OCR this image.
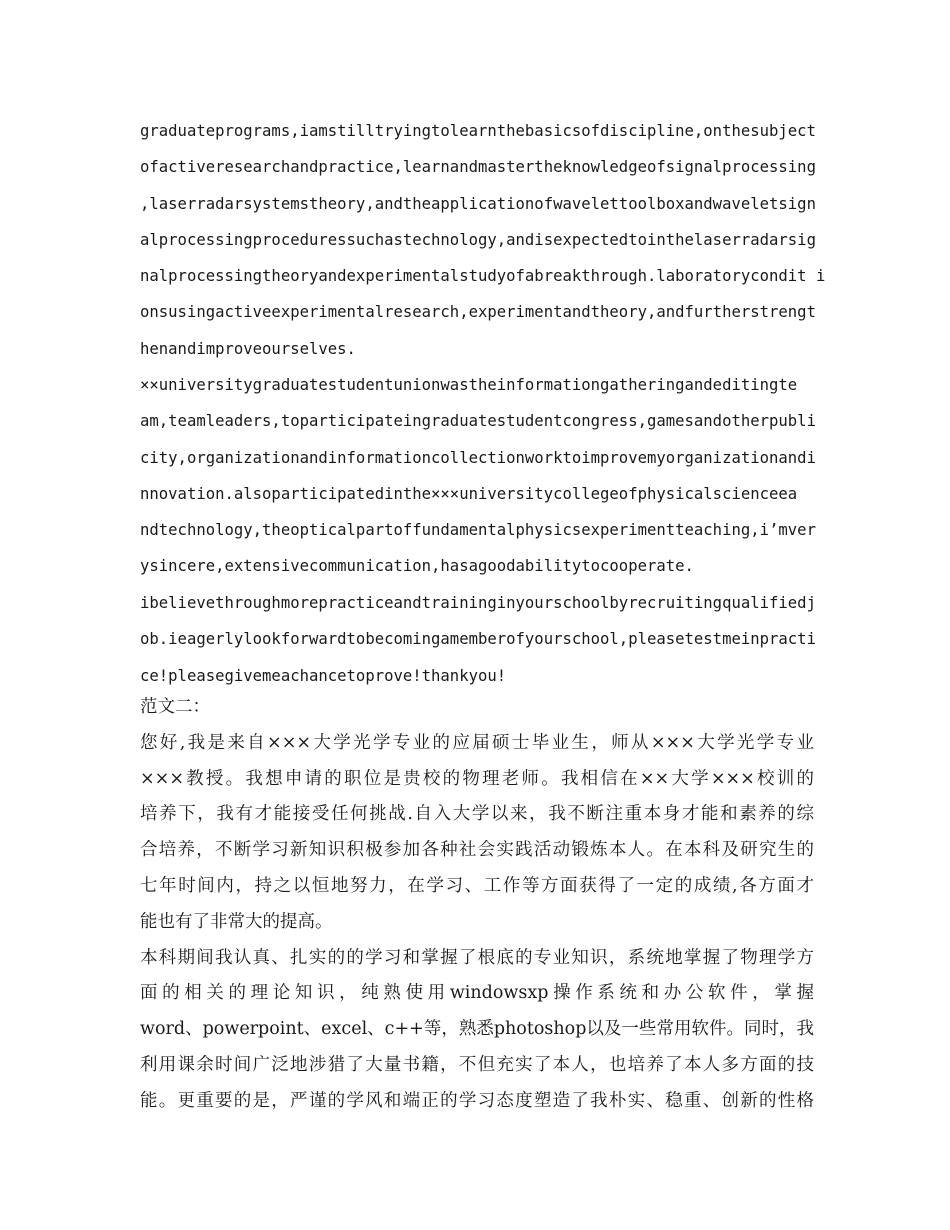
graduateprograms,iamstilltryingtolearnthebasicsofdiscipline,onthesubject
ofactiveresearchandpractice,learnandmastertheknowledgeofsignalprocessing
,laserradarsystemstheory,andtheapplicationofwavelettoolboxandwaveletsign
alprocessingproceduressuchastechnology,andisexpectedtointhelaserradarsig
nalprocessingtheoryandexperimentalstudyofabreakthrough.laboratorycondit i
onsusingactiveexperimentalresearch,experimentandtheory,andfurtherstrengt
henandimproveourselves.
××universitygraduatestudentunionwastheinformationgatheringandeditingte
am,teamleaders,toparticipateingraduatestudentcongress,gamesandotherpubli
city,organizationandinformationcollectionworktoimprovemyorganizationandi
nnovation.alsoparticipatedinthe×××universitycollegeofphysicalscienceea
ndtechnology,theopticalpartoffundamentalphysicsexperimentteaching,i’mver
ysincere,extensivecommunication,hasagoodabilitytocooperate.
ibelievethroughmorepracticeandtraininginyourschoolbyrecruitingqualifiedj
ob.ieagerlylookforwardtobecomingamemberofyourschool,pleasetestmeinpracti
ce!pleasegivemeachancetoprove!thankyou!
范文二：
您好,我是来自×××大学光学专业的应届硕士毕业生，师从×××大学光学专业
×××教授。我想申请的职位是贵校的物理老师。我相信在××大学×××校训的
培养下，我有才能接受任何挑战.自入大学以来，我不断注重本身才能和素养的综
合培养，不断学习新知识积极参加各种社会实践活动锻炼本人。在本科及研究生的
七年时间内，持之以恒地努力，在学习、工作等方面获得了一定的成绩,各方面才
能也有了非常大的提高。
本科期间我认真、扎实的的学习和掌握了根底的专业知识，系统地掌握了物理学方
面的相关的理论知识，纯熟使用windowsxp操作系统和办公软件，掌握
word、powerpoint、excel、c++等，熟悉photoshop以及一些常用软件。同时，我
利用课余时间广泛地涉猎了大量书籍，不但充实了本人，也培养了本人多方面的技
能。更重要的是，严谨的学风和端正的学习态度塑造了我朴实、稳重、创新的性格
